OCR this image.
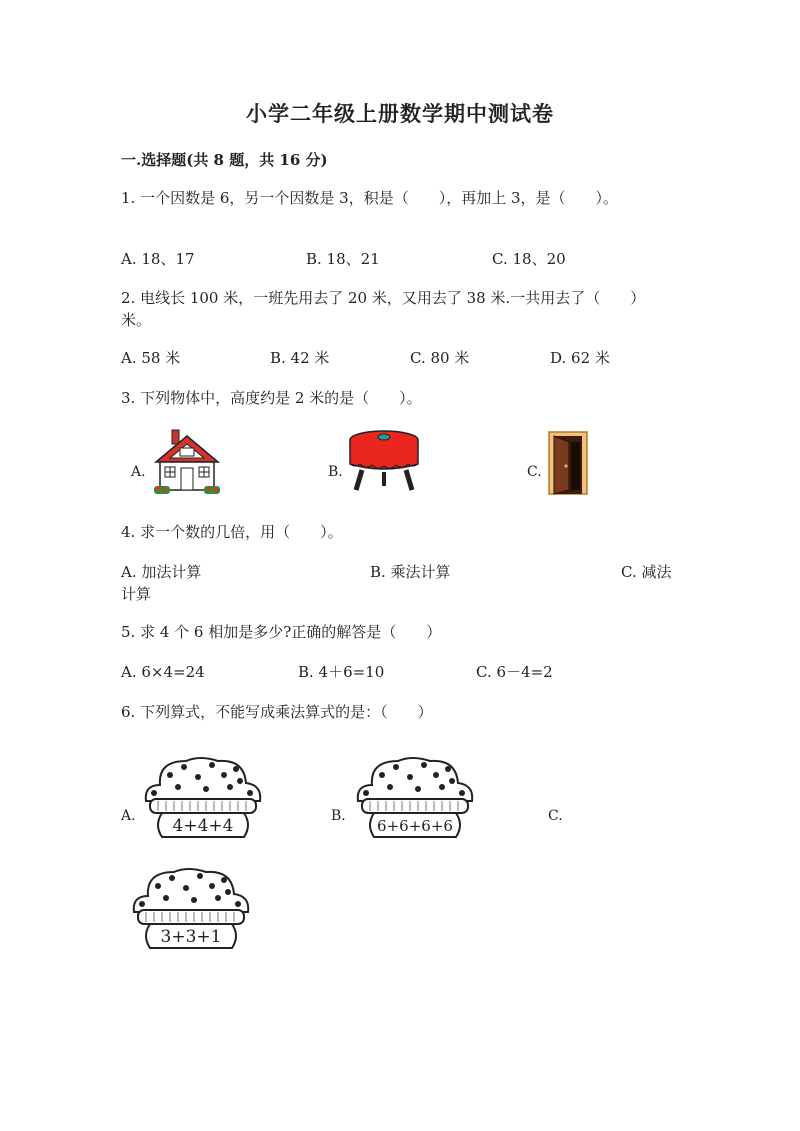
小学二年级上册数学期中测试卷
一.选择题(共 8 题，共 16 分)
1. 一个因数是 6，另一个因数是 3，积是（　　），再加上 3，是（　　）。
A. 18、17	B. 18、21	C. 18、20
2. 电线长 100 米，一班先用去了 20 米，又用去了 38 米.一共用去了（　　）
米。
A. 58 米	B. 42 米	C. 80 米	D. 62 米
3. 下列物体中，高度约是 2 米的是（　　）。
A.	B.	C.
4. 求一个数的几倍，用（　　）。
A. 加法计算	B. 乘法计算	C. 减法
计算
5. 求 4 个 6 相加是多少?正确的解答是（　　）
A. 6×4=24	B. 4＋6=10	C. 6－4=2
6. 下列算式，不能写成乘法算式的是：（　　）
A. 4+4+4	B.
6+6+6+6
C.
3+3+1
